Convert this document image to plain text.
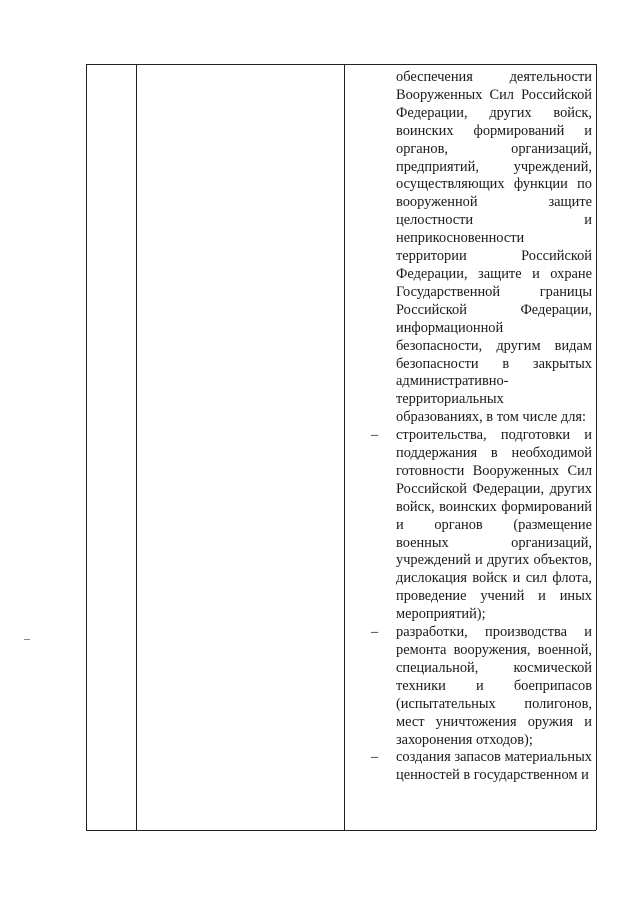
обеспечения деятельности Вооруженных Сил Российской Федерации, других войск, воинских формирований и органов, организаций, предприятий, учреждений, осуществляющих функции по вооруженной защите целостности и неприкосновенности территории Российской Федерации, защите и охране Государственной границы Российской Федерации, информационной безопасности, другим видам безопасности в закрытых административно-территориальных образованиях, в том числе для:

– строительства, подготовки и поддержания в необходимой готовности Вооруженных Сил Российской Федерации, других войск, воинских формирований и органов (размещение военных организаций, учреждений и других объектов, дислокация войск и сил флота, проведение учений и иных мероприятий);

– разработки, производства и ремонта вооружения, военной, специальной, космической техники и боеприпасов (испытательных полигонов, мест уничтожения оружия и захоронения отходов);

– создания запасов материальных ценностей в государственном и
